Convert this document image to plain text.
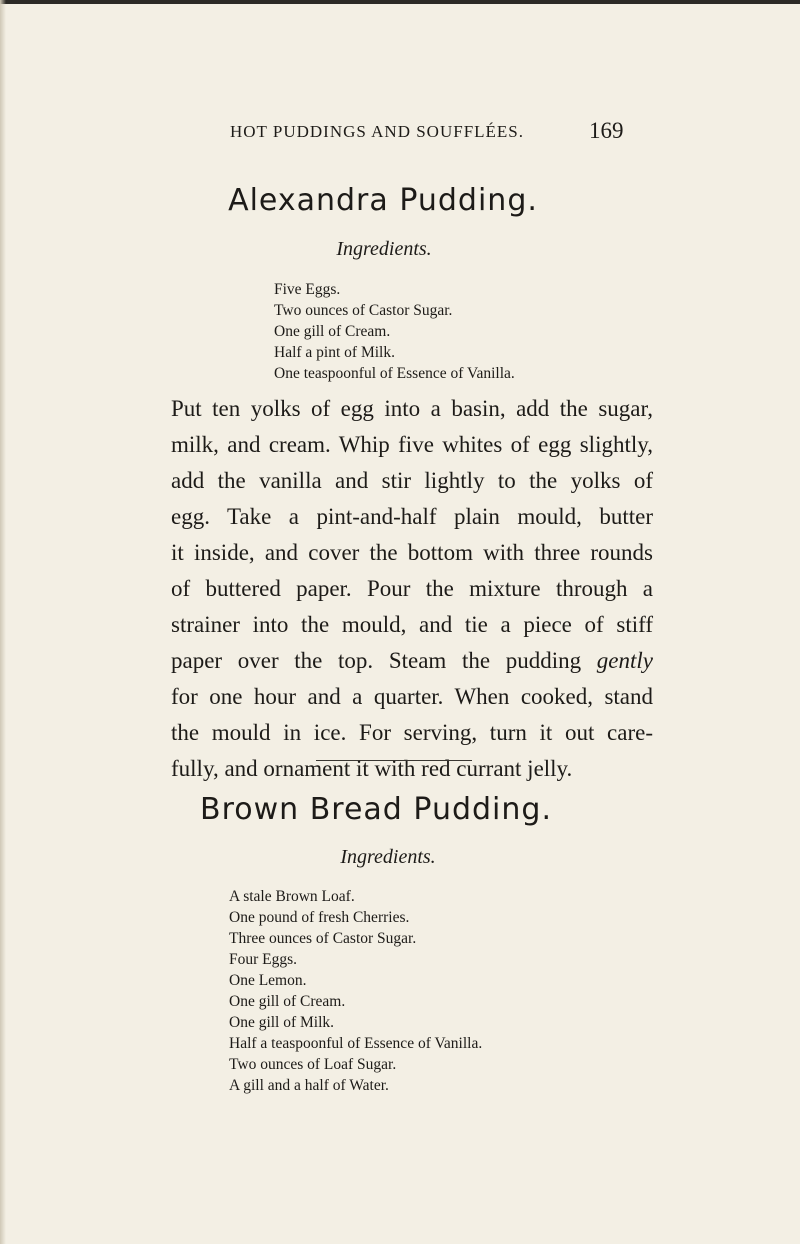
HOT PUDDINGS AND SOUFFLÉES.	169
Alexandra Pudding.
Ingredients.
Five Eggs.
Two ounces of Castor Sugar.
One gill of Cream.
Half a pint of Milk.
One teaspoonful of Essence of Vanilla.
Put ten yolks of egg into a basin, add the sugar,
milk, and cream. Whip five whites of egg slightly,
add the vanilla and stir lightly to the yolks of
egg. Take a pint-and-half plain mould, butter
it inside, and cover the bottom with three rounds
of buttered paper. Pour the mixture through a
strainer into the mould, and tie a piece of stiff
paper over the top. Steam the pudding gently
for one hour and a quarter. When cooked, stand
the mould in ice. For serving, turn it out care-
fully, and ornament it with red currant jelly.
Brown Bread Pudding.
Ingredients.
A stale Brown Loaf.
One pound of fresh Cherries.
Three ounces of Castor Sugar.
Four Eggs.
One Lemon.
One gill of Cream.
One gill of Milk.
Half a teaspoonful of Essence of Vanilla.
Two ounces of Loaf Sugar.
A gill and a half of Water.
